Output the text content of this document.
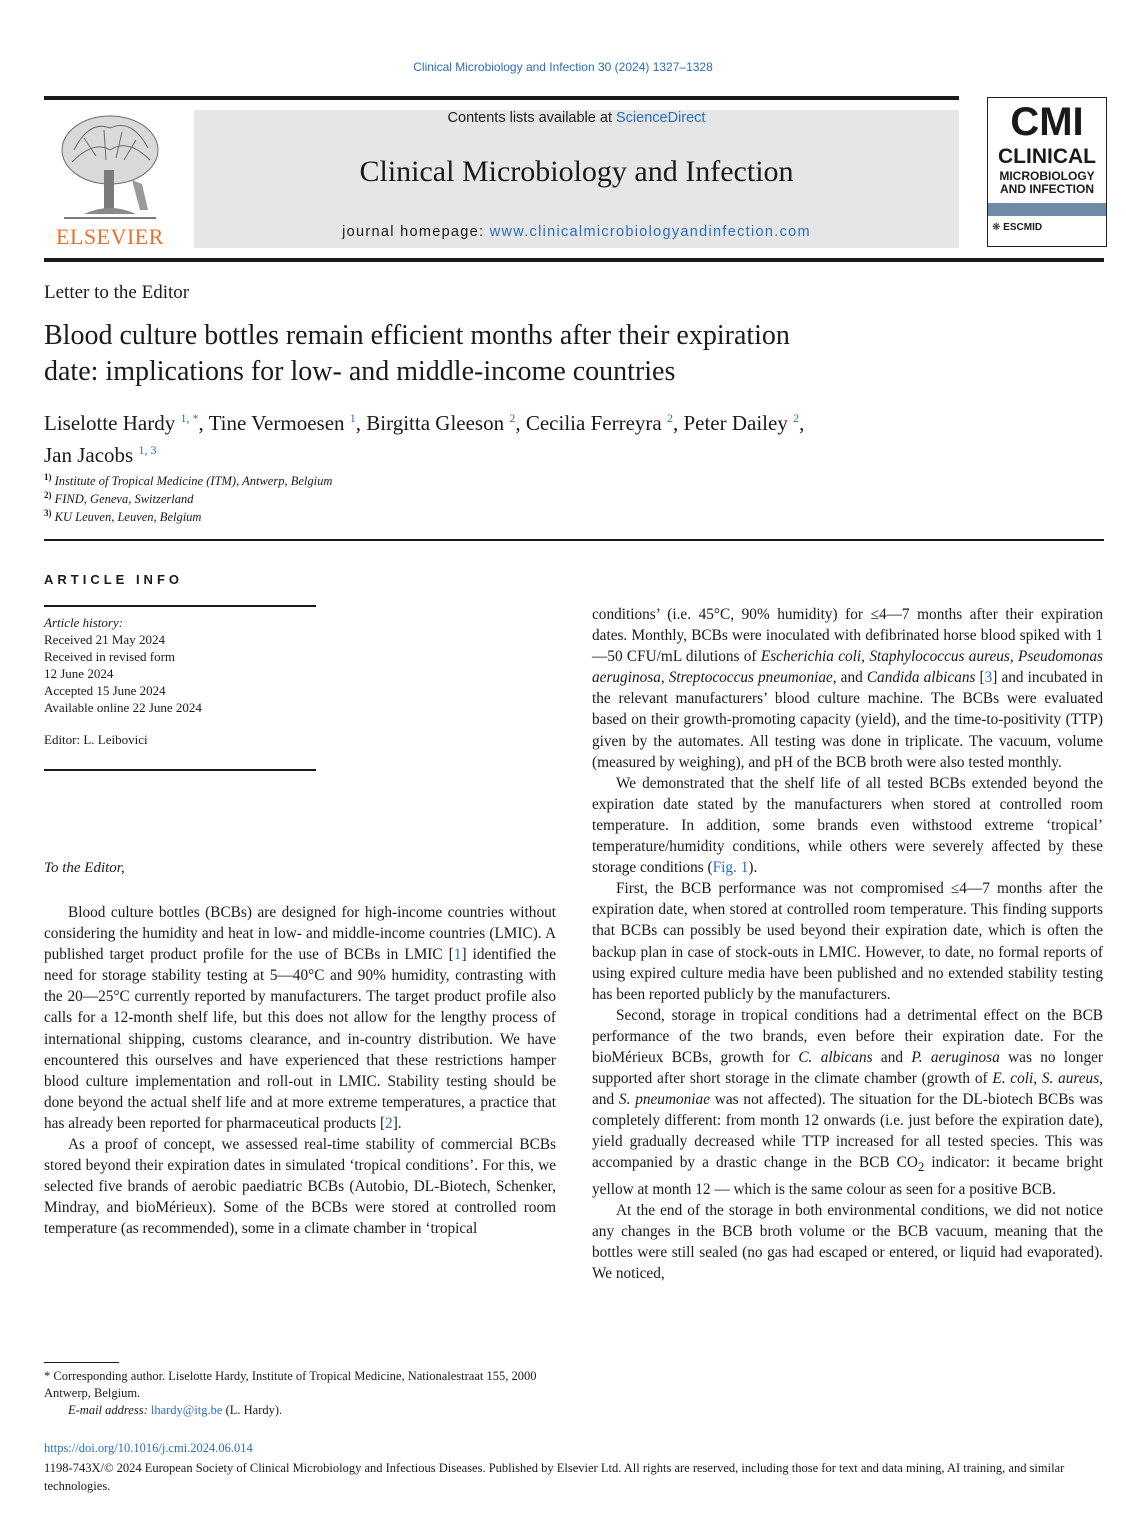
Clinical Microbiology and Infection 30 (2024) 1327–1328
ELSEVIER
Contents lists available at ScienceDirect
Clinical Microbiology and Infection
journal homepage: www.clinicalmicrobiologyandinfection.com
CMI
CLINICAL
MICROBIOLOGY
AND INFECTION
❋ ESCMID
Letter to the Editor
Blood culture bottles remain efficient months after their expiration
date: implications for low- and middle-income countries
Liselotte Hardy $^{1, *}$, Tine Vermoesen $^1$, Birgitta Gleeson $^2$, Cecilia Ferreyra $^2$, Peter Dailey $^2$,
Jan Jacobs $^{1, 3}$
$^{1)}$ Institute of Tropical Medicine (ITM), Antwerp, Belgium
$^{2)}$ FIND, Geneva, Switzerland
$^{3)}$ KU Leuven, Leuven, Belgium
ARTICLE INFO
Article history:
Received 21 May 2024
Received in revised form
12 June 2024
Accepted 15 June 2024
Available online 22 June 2024
Editor: L. Leibovici
To the Editor,

Blood culture bottles (BCBs) are designed for high-income countries without considering the humidity and heat in low- and middle-income countries (LMIC). A published target product profile for the use of BCBs in LMIC [1] identified the need for storage stability testing at 5—40°C and 90% humidity, contrasting with the 20—25°C currently reported by manufacturers. The target product profile also calls for a 12-month shelf life, but this does not allow for the lengthy process of international shipping, customs clearance, and in-country distribution. We have encountered this ourselves and have experienced that these restrictions hamper blood culture implementation and roll-out in LMIC. Stability testing should be done beyond the actual shelf life and at more extreme temperatures, a practice that has already been reported for pharmaceutical products [2].

As a proof of concept, we assessed real-time stability of commercial BCBs stored beyond their expiration dates in simulated ‘tropical conditions’. For this, we selected five brands of aerobic paediatric BCBs (Autobio, DL-Biotech, Schenker, Mindray, and bioMérieux). Some of the BCBs were stored at controlled room temperature (as recommended), some in a climate chamber in ‘tropical

conditions’ (i.e. 45°C, 90% humidity) for ≤4—7 months after their expiration dates. Monthly, BCBs were inoculated with defibrinated horse blood spiked with 1—50 CFU/mL dilutions of Escherichia coli, Staphylococcus aureus, Pseudomonas aeruginosa, Streptococcus pneumoniae, and Candida albicans [3] and incubated in the relevant manufacturers’ blood culture machine. The BCBs were evaluated based on their growth-promoting capacity (yield), and the time-to-positivity (TTP) given by the automates. All testing was done in triplicate. The vacuum, volume (measured by weighing), and pH of the BCB broth were also tested monthly.

We demonstrated that the shelf life of all tested BCBs extended beyond the expiration date stated by the manufacturers when stored at controlled room temperature. In addition, some brands even withstood extreme ‘tropical’ temperature/humidity conditions, while others were severely affected by these storage conditions (Fig. 1).

First, the BCB performance was not compromised ≤4—7 months after the expiration date, when stored at controlled room temperature. This finding supports that BCBs can possibly be used beyond their expiration date, which is often the backup plan in case of stock-outs in LMIC. However, to date, no formal reports of using expired culture media have been published and no extended stability testing has been reported publicly by the manufacturers.

Second, storage in tropical conditions had a detrimental effect on the BCB performance of the two brands, even before their expiration date. For the bioMérieux BCBs, growth for C. albicans and P. aeruginosa was no longer supported after short storage in the climate chamber (growth of E. coli, S. aureus, and S. pneumoniae was not affected). The situation for the DL-biotech BCBs was completely different: from month 12 onwards (i.e. just before the expiration date), yield gradually decreased while TTP increased for all tested species. This was accompanied by a drastic change in the BCB $CO_2$ indicator: it became bright yellow at month 12 — which is the same colour as seen for a positive BCB.

At the end of the storage in both environmental conditions, we did not notice any changes in the BCB broth volume or the BCB vacuum, meaning that the bottles were still sealed (no gas had escaped or entered, or liquid had evaporated). We noticed,

* Corresponding author. Liselotte Hardy, Institute of Tropical Medicine, Nationalestraat 155, 2000 Antwerp, Belgium.
E-mail address: lhardy@itg.be (L. Hardy).
https://doi.org/10.1016/j.cmi.2024.06.014
1198-743X/© 2024 European Society of Clinical Microbiology and Infectious Diseases. Published by Elsevier Ltd. All rights are reserved, including those for text and data mining, AI training, and similar technologies.
